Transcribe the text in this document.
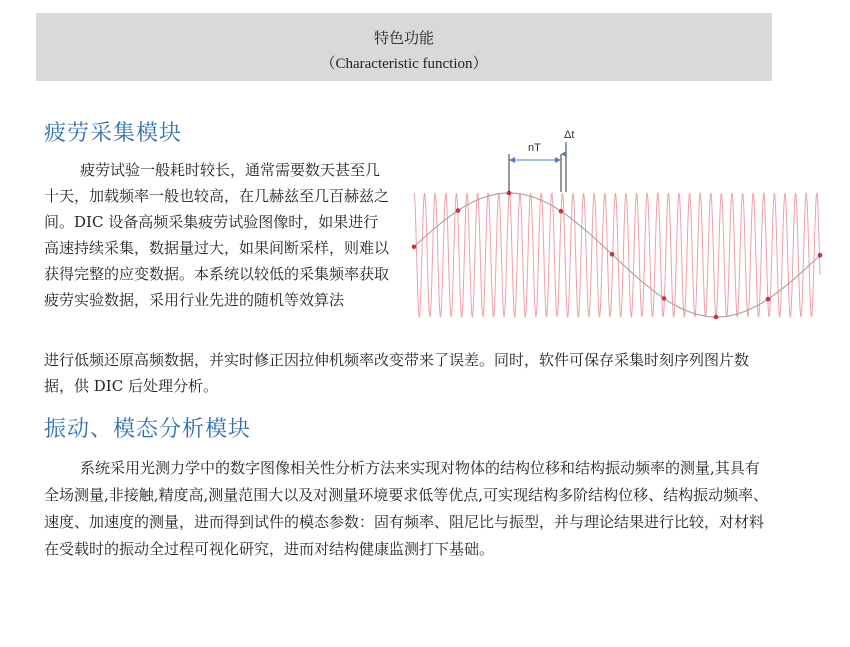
特色功能
（Characteristic function）
疲劳采集模块

疲劳试验一般耗时较长，通常需要数天甚至几十天，加载频率一般也较高，在几赫兹至几百赫兹之间。DIC 设备高频采集疲劳试验图像时，如果进行高速持续采集，数据量过大，如果间断采样，则难以获得完整的应变数据。本系统以较低的采集频率获取疲劳实验数据，采用行业先进的随机等效算法

nT
Δt

进行低频还原高频数据，并实时修正因拉伸机频率改变带来了误差。同时，软件可保存采集时刻序列图片数据，供 DIC 后处理分析。

振动、模态分析模块

系统采用光测力学中的数字图像相关性分析方法来实现对物体的结构位移和结构振动频率的测量,其具有全场测量,非接触,精度高,测量范围大以及对测量环境要求低等优点,可实现结构多阶结构位移、结构振动频率、速度、加速度的测量，进而得到试件的模态参数：固有频率、阻尼比与振型，并与理论结果进行比较，对材料在受载时的振动全过程可视化研究，进而对结构健康监测打下基础。
